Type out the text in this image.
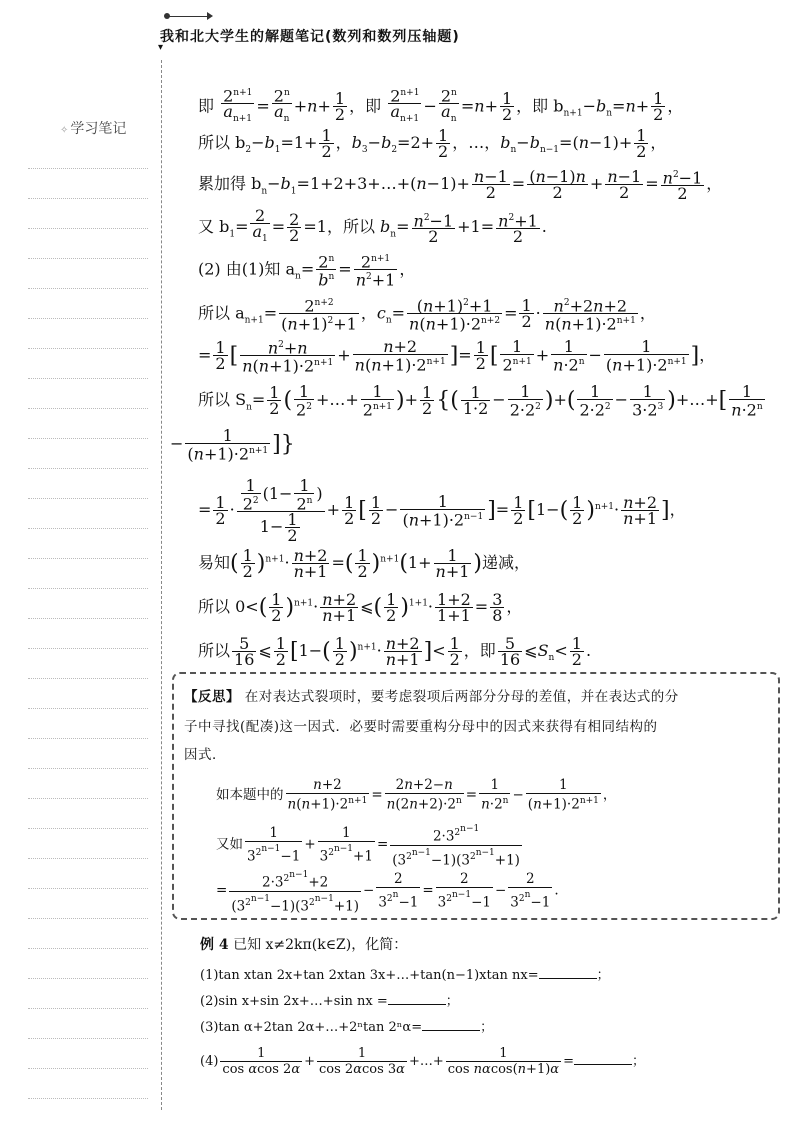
▾
我和北大学生的解题笔记(数列和数列压轴题)
✧ 学习笔记
即 $\frac{2^{n+1}}{a_{n+1}} = \frac{2^n}{a_n} +n+ \frac{1}{2}$ ，即 $\frac{2^{n+1}}{a_{n+1}} - \frac{2^n}{a_n} =n+ \frac{1}{2}$ ，即 $b_{n+1}-b_n=n+ \frac{1}{2}$ ，
所以 $b_2-b_1=1+ \frac{1}{2}$ ，$b_3-b_2=2+ \frac{1}{2}$ ，…，$b_n-b_{n-1}=(n-1)+ \frac{1}{2}$ ，
累加得 $b_n-b_1=1+2+3+\dots+(n-1)+ \frac{n-1}{2} = \frac{(n-1)n}{2} + \frac{n-1}{2} = \frac{n^2-1}{2}$ ，
又 $b_1= \frac{2}{a_1} = \frac{2}{2} =1$，所以 $b_n= \frac{n^2-1}{2} +1= \frac{n^2+1}{2}$ .
(2) 由(1)知 $a_n= \frac{2^n}{b^n} = \frac{2^{n+1}}{n^2+1}$ ，
所以 $a_{n+1}= \frac{2^{n+2}}{(n+1)^2+1}$ ，$c_n= \frac{(n+1)^2+1}{n(n+1)\cdot 2^{n+2}} = \frac{1}{2} \cdot \frac{n^2+2n+2}{n(n+1)\cdot 2^{n+1}}$ ，
= $\frac{1}{2}$ [ $\frac{n^2+n}{n(n+1)\cdot 2^{n+1}} + \frac{n+2}{n(n+1)\cdot 2^{n+1}}$ ]= $\frac{1}{2}$ [ $\frac{1}{2^{n+1}} + \frac{1}{n\cdot 2^n} - \frac{1}{(n+1)\cdot 2^{n+1}}$ ]，
所以 $S_n= \frac{1}{2}$ ( $\frac{1}{2^2}$ +…+ $\frac{1}{2^{n+1}}$ )+ $\frac{1}{2}$ {( $\frac{1}{1\cdot 2} - \frac{1}{2\cdot 2^2}$ )+( $\frac{1}{2\cdot 2^2} - \frac{1}{3\cdot 2^3}$ )+…+[ $\frac{1}{n\cdot 2^n}$
− $\frac{1}{(n+1)\cdot 2^{n+1}}$ ]}
= $\frac{1}{2} \cdot \frac{\frac{1}{2^2} (1- \frac{1}{2^n} )}{1- \frac{1}{2}} + \frac{1}{2}$ [ $\frac{1}{2} - \frac{1}{(n+1)\cdot 2^{n-1}}$ ]= $\frac{1}{2} [1-( \frac{1}{2} )^{n+1}\cdot \frac{n+2}{n+1}$ ]，
易知( $\frac{1}{2} )^{n+1}\cdot \frac{n+2}{n+1}$ =( $\frac{1}{2} )^{n+1}(1+ \frac{1}{n+1}$ )递减，
所以 $0<( \frac{1}{2} )^{n+1}\cdot \frac{n+2}{n+1}$ ⩽( $\frac{1}{2} )^{1+1}\cdot \frac{1+2}{1+1} = \frac{3}{8}$ ，
所以 $\frac{5}{16}$ ⩽ $\frac{1}{2} [1-( \frac{1}{2} )^{n+1}\cdot \frac{n+2}{n+1}$ ]< $\frac{1}{2}$ ，即 $\frac{5}{16}$ $⩽S_n< \frac{1}{2}$ .
【反思】 在对表达式裂项时，要考虑裂项后两部分分母的差值，并在表达式的分
子中寻找(配凑)这一因式．必要时需要重构分母中的因式来获得有相同结构的
因式．
如本题中的 $\frac{n+2}{n(n+1)\cdot 2^{n+1}} = \frac{2n+2-n}{n(2n+2)\cdot 2^n} = \frac{1}{n\cdot 2^n} - \frac{1}{(n+1)\cdot 2^{n+1}}$ ，
又如 $\frac{1}{3^{2^{n-1}}-1} + \frac{1}{3^{2^{n-1}}+1} = \frac{2\cdot 3^{2^{n-1}}}{(3^{2^{n-1}}-1)(3^{2^{n-1}}+1)}$
= $\frac{2\cdot 3^{2^{n-1}}+2}{(3^{2^{n-1}}-1)(3^{2^{n-1}}+1)} - \frac{2}{3^{2^n}-1} = \frac{2}{3^{2^{n-1}}-1} - \frac{2}{3^{2^n}-1}$ .
例 4 已知 x≠2kπ(k∈Z)，化简：
(1)tan xtan 2x+tan 2xtan 3x+…+tan(n−1)xtan nx=	；
(2)sin x+sin 2x+…+sin nx =	；
(3)tan α+2tan 2α+…+2ⁿtan 2ⁿα=	；
$(4) \frac{1}{\text{cos αcos 2α}} + \frac{1}{\cos 2\alpha\cos 3\alpha}$ +…+ $\frac{1}{\text{cos nαcos(n+1)α}}$ =	；
